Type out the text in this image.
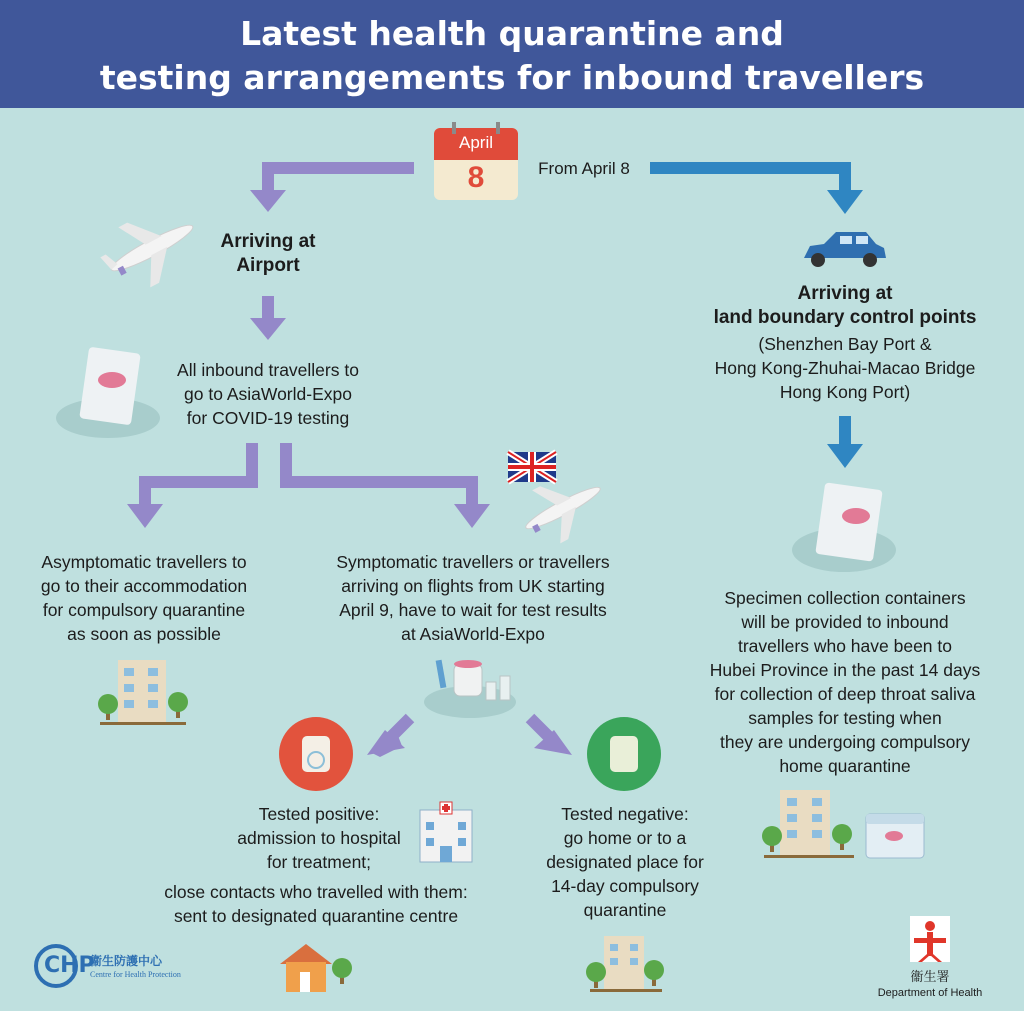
Latest health quarantine and
testing arrangements for inbound travellers
April
8	From April 8
Arriving at
Airport
All inbound travellers to
go to AsiaWorld-Expo
for COVID-19 testing
Asymptomatic travellers to
go to their accommodation
for compulsory quarantine
as soon as possible
Symptomatic travellers or travellers
arriving on flights from UK starting
April 9, have to wait for test results
at AsiaWorld-Expo
Tested positive:
admission to hospital
for treatment;
close contacts who travelled with them:
sent to designated quarantine centre
Tested negative:
go home or to a
designated place for
14-day compulsory
quarantine
Arriving at
land boundary control points
(Shenzhen Bay Port &
Hong Kong-Zhuhai-Macao Bridge
Hong Kong Port)
Specimen collection containers
will be provided to inbound
travellers who have been to
Hubei Province in the past 14 days
for collection of deep throat saliva
samples for testing when
they are undergoing compulsory
home quarantine
CHP
衞生防護中心
Centre for Health Protection	衞生署
Department of Health
